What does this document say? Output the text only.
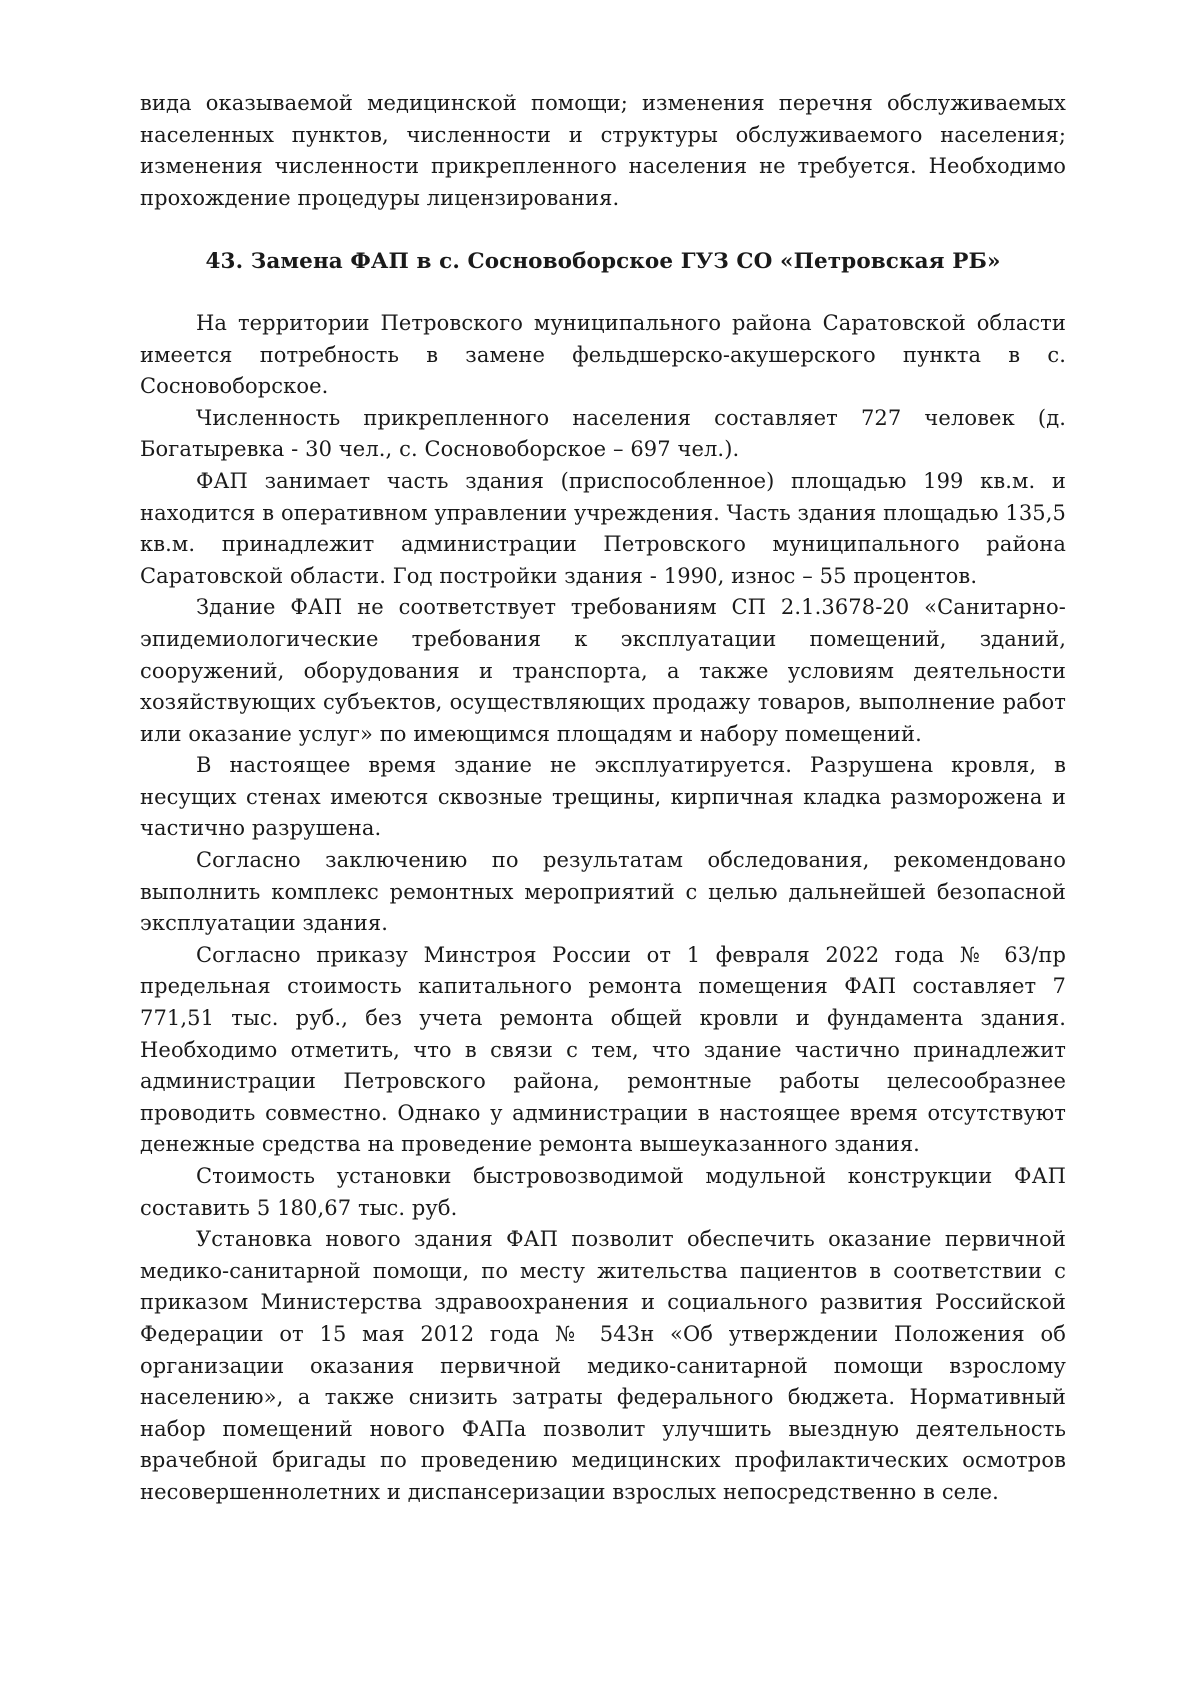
вида оказываемой медицинской помощи; изменения перечня обслуживаемых населенных пунктов, численности и структуры обслуживаемого населения; изменения численности прикрепленного населения не требуется. Необходимо прохождение процедуры лицензирования.

43. Замена ФАП в с. Сосновоборское ГУЗ СО «Петровская РБ»

На территории Петровского муниципального района Саратовской области имеется потребность в замене фельдшерско-акушерского пункта в с. Сосновоборское.

Численность прикрепленного населения составляет 727 человек (д. Богатыревка - 30 чел., с. Сосновоборское – 697 чел.).

ФАП занимает часть здания (приспособленное) площадью 199 кв.м. и находится в оперативном управлении учреждения. Часть здания площадью 135,5 кв.м. принадлежит администрации Петровского муниципального района Саратовской области. Год постройки здания - 1990, износ – 55 процентов.

Здание ФАП не соответствует требованиям СП 2.1.3678-20 «Санитарно-эпидемиологические требования к эксплуатации помещений, зданий, сооружений, оборудования и транспорта, а также условиям деятельности хозяйствующих субъектов, осуществляющих продажу товаров, выполнение работ или оказание услуг» по имеющимся площадям и набору помещений.

В настоящее время здание не эксплуатируется. Разрушена кровля, в несущих стенах имеются сквозные трещины, кирпичная кладка разморожена и частично разрушена.

Согласно заключению по результатам обследования, рекомендовано выполнить комплекс ремонтных мероприятий с целью дальнейшей безопасной эксплуатации здания.

Согласно приказу Минстроя России от 1 февраля 2022 года № 63/пр предельная стоимость капитального ремонта помещения ФАП составляет 7 771,51 тыс. руб., без учета ремонта общей кровли и фундамента здания. Необходимо отметить, что в связи с тем, что здание частично принадлежит администрации Петровского района, ремонтные работы целесообразнее проводить совместно. Однако у администрации в настоящее время отсутствуют денежные средства на проведение ремонта вышеуказанного здания.

Стоимость установки быстровозводимой модульной конструкции ФАП составить 5 180,67 тыс. руб.

Установка нового здания ФАП позволит обеспечить оказание первичной медико-санитарной помощи, по месту жительства пациентов в соответствии с приказом Министерства здравоохранения и социального развития Российской Федерации от 15 мая 2012 года № 543н «Об утверждении Положения об организации оказания первичной медико-санитарной помощи взрослому населению», а также снизить затраты федерального бюджета. Нормативный набор помещений нового ФАПа позволит улучшить выездную деятельность врачебной бригады по проведению медицинских профилактических осмотров несовершеннолетних и диспансеризации взрослых непосредственно в селе.
